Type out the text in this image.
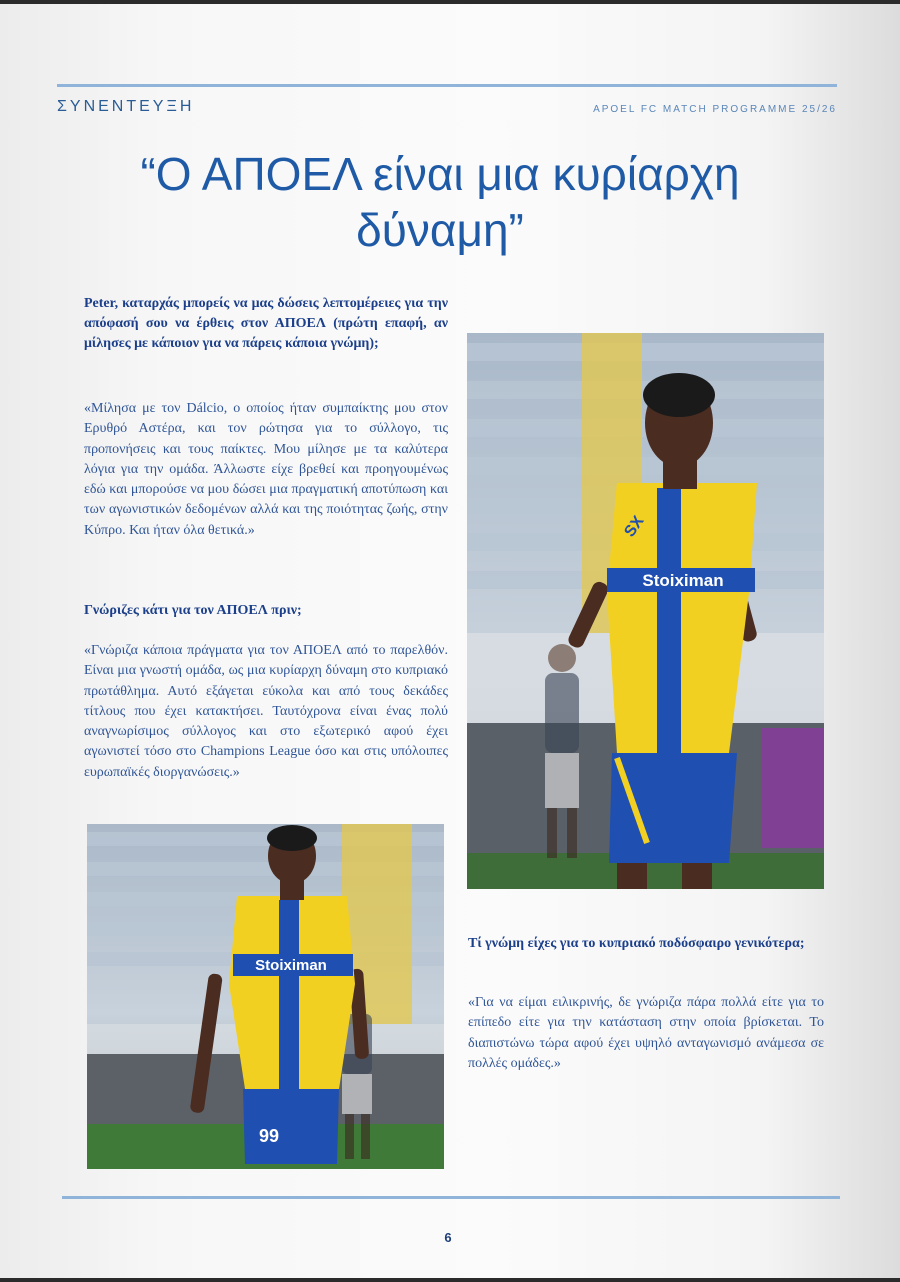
ΣΥΝΕΝΤΕΥΞΗ	APOEL FC MATCH PROGRAMME 25/26
“Ο ΑΠΟΕΛ είναι μια κυρίαρχη δύναμη”

Peter, καταρχάς μπορείς να μας δώσεις λεπτομέρειες για την απόφασή σου να έρθεις στον ΑΠΟΕΛ (πρώτη επαφή, αν μίλησες με κάποιον για να πάρεις κάποια γνώμη);

«Μίλησα με τον Dálcio, ο οποίος ήταν συμπαίκτης μου στον Ερυθρό Αστέρα, και τον ρώτησα για το σύλλογο, τις προπονήσεις και τους παίκτες. Μου μίλησε με τα καλύτερα λόγια για την ομάδα. Άλλωστε είχε βρεθεί και προηγουμένως εδώ και μπορούσε να μου δώσει μια πραγματική αποτύπωση και των αγωνιστικών δεδομένων αλλά και της ποιότητας ζωής, στην Κύπρο. Και ήταν όλα θετικά.»

Γνώριζες κάτι για τον ΑΠΟΕΛ πριν;

«Γνώριζα κάποια πράγματα για τον ΑΠΟΕΛ από το παρελθόν. Είναι μια γνωστή ομάδα, ως μια κυρίαρχη δύναμη στο κυπριακό πρωτάθλημα. Αυτό εξάγεται εύκολα και από τους δεκάδες τίτλους που έχει κατακτήσει. Ταυτόχρονα είναι ένας πολύ αναγνωρίσιμος σύλλογος και στο εξωτερικό αφού έχει αγωνιστεί τόσο στο Champions League όσο και στις υπόλοιπες ευρωπαϊκές διοργανώσεις.»

Τί γνώμη είχες για το κυπριακό ποδόσφαιρο γενικότερα;

«Για να είμαι ειλικρινής, δε γνώριζα πάρα πολλά είτε για το επίπεδο είτε για την κατάσταση στην οποία βρίσκεται. Το διαπιστώνω τώρα αφού έχει υψηλό ανταγωνισμό ανάμεσα σε πολλές ομάδες.»

Stoiximan
SX
Stoiximan
99
6
